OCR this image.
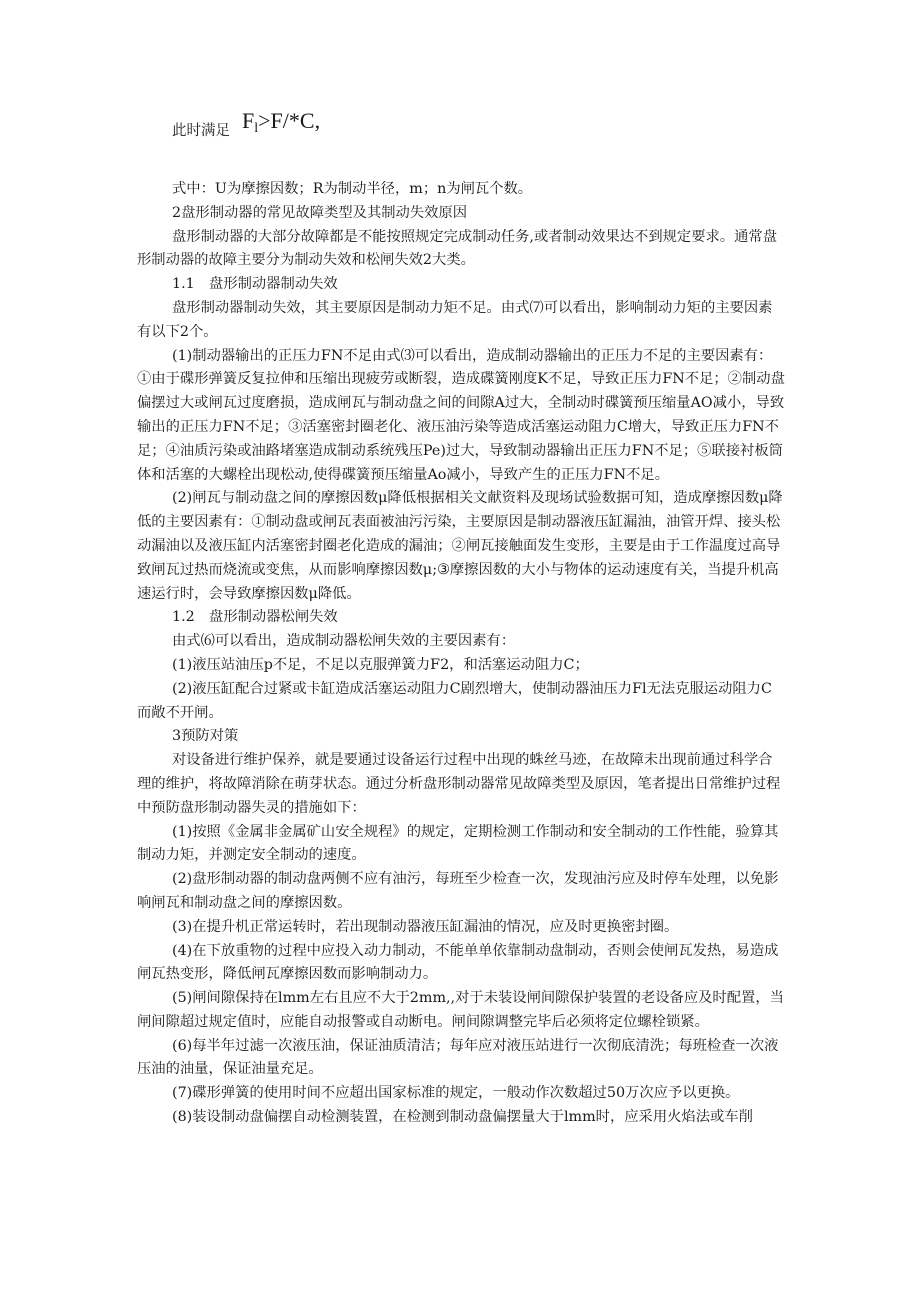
此时满足 $F_l>F/*C$,

式中：U为摩擦因数；R为制动半径，m；n为闸瓦个数。

2盘形制动器的常见故障类型及其制动失效原因

盘形制动器的大部分故障都是不能按照规定完成制动任务,或者制动效果达不到规定要求。通常盘形制动器的故障主要分为制动失效和松闸失效2大类。

1.1　盘形制动器制动失效

盘形制动器制动失效，其主要原因是制动力矩不足。由式⑺可以看出，影响制动力矩的主要因素有以下2个。

(1)制动器输出的正压力FN不足由式⑶可以看出，造成制动器输出的正压力不足的主要因素有：①由于碟形弹簧反复拉伸和压缩出现疲劳或断裂，造成碟簧刚度K不足，导致正压力FN不足；②制动盘偏摆过大或闸瓦过度磨损，造成闸瓦与制动盘之间的间隙A过大，全制动时碟簧预压缩量AO减小，导致输出的正压力FN不足；③活塞密封圈老化、液压油污染等造成活塞运动阻力C增大，导致正压力FN不足；④油质污染或油路堵塞造成制动系统残压Pe)过大，导致制动器输出正压力FN不足；⑤联接衬板筒体和活塞的大螺栓出现松动,使得碟簧预压缩量Ao减小，导致产生的正压力FN不足。

(2)闸瓦与制动盘之间的摩擦因数μ降低根据相关文献资料及现场试验数据可知，造成摩擦因数μ降低的主要因素有：①制动盘或闸瓦表面被油污污染，主要原因是制动器液压缸漏油，油管开焊、接头松动漏油以及液压缸内活塞密封圈老化造成的漏油；②闸瓦接触面发生变形，主要是由于工作温度过高导致闸瓦过热而烧流或变焦，从而影响摩擦因数μ;③摩擦因数的大小与物体的运动速度有关，当提升机高速运行时，会导致摩擦因数μ降低。

1.2　盘形制动器松闸失效

由式⑹可以看出，造成制动器松闸失效的主要因素有：

(1)液压站油压p不足，不足以克服弹簧力F2，和活塞运动阻力C；

(2)液压缸配合过紧或卡缸造成活塞运动阻力C剧烈增大，使制动器油压力Fl无法克服运动阻力C而敞不开闸。

3预防对策

对设备进行维护保养，就是要通过设备运行过程中出现的蛛丝马迹，在故障未出现前通过科学合理的维护，将故障消除在萌芽状态。通过分析盘形制动器常见故障类型及原因，笔者提出日常维护过程中预防盘形制动器失灵的措施如下：

(1)按照《金属非金属矿山安全规程》的规定，定期检测工作制动和安全制动的工作性能，验算其制动力矩，并测定安全制动的速度。

(2)盘形制动器的制动盘两侧不应有油污，每班至少检查一次，发现油污应及时停车处理，以免影响闸瓦和制动盘之间的摩擦因数。

(3)在提升机正常运转时，若出现制动器液压缸漏油的情况，应及时更换密封圈。

(4)在下放重物的过程中应投入动力制动，不能单单依靠制动盘制动，否则会使闸瓦发热，易造成闸瓦热变形，降低闸瓦摩擦因数而影响制动力。

(5)闸间隙保持在lmm左右且应不大于2mm,,对于未装设闸间隙保护装置的老设备应及时配置，当闸间隙超过规定值时，应能自动报警或自动断电。闸间隙调整完毕后必须将定位螺栓锁紧。

(6)每半年过滤一次液压油，保证油质清洁；每年应对液压站进行一次彻底清洗；每班检查一次液压油的油量，保证油量充足。

(7)碟形弹簧的使用时间不应超出国家标准的规定，一般动作次数超过50万次应予以更换。

(8)装设制动盘偏摆自动检测装置，在检测到制动盘偏摆量大于lmm时，应采用火焰法或车削
